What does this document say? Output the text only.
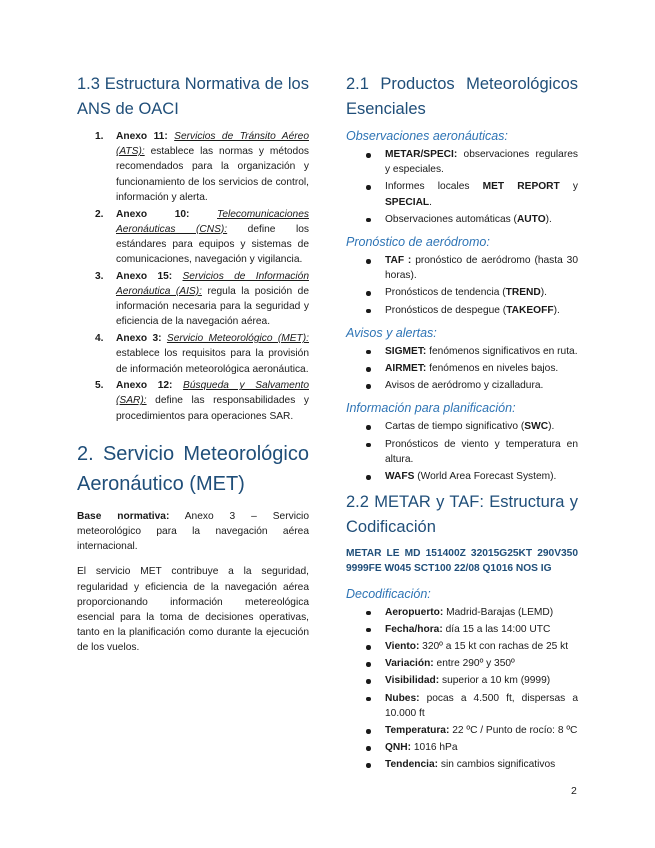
1.3 Estructura Normativa de los ANS de OACI
1. Anexo 11: Servicios de Tránsito Aéreo (ATS): establece las normas y métodos recomendados para la organización y funcionamiento de los servicios de control, información y alerta.
2. Anexo 10:	Telecomunicaciones Aeronáuticas (CNS): define los estándares para equipos y sistemas de comunicaciones, navegación y vigilancia.
3. Anexo 15: Servicios de Información Aeronáutica (AIS): regula la posición de información necesaria para la seguridad y eficiencia de la navegación aérea.
4. Anexo 3: Servicio Meteorológico (MET): establece los requisitos para la provisión de información meteorológica aeronáutica.
5. Anexo 12: Búsqueda y Salvamento (SAR): define las responsabilidades y procedimientos para operaciones SAR.
2. Servicio Meteorológico Aeronáutico (MET)

Base normativa: Anexo 3 – Servicio meteorológico para la navegación aérea internacional.

El servicio MET contribuye a la seguridad, regularidad y eficiencia de la navegación aérea proporcionando información metereológica esencial para la toma de decisiones operativas, tanto en la planificación como durante la ejecución de los vuelos.

2.1 Productos Meteorológicos Esenciales
Observaciones aeronáuticas:
METAR/SPECI: observaciones regulares y especiales.
Informes locales MET REPORT y SPECIAL.
Observaciones automáticas (AUTO).
Pronóstico de aeródromo:
TAF : pronóstico de aeródromo (hasta 30 horas).
Pronósticos de tendencia (TREND).
Pronósticos de despegue (TAKEOFF).
Avisos y alertas:
SIGMET: fenómenos significativos en ruta.
AIRMET: fenómenos en niveles bajos.
Avisos de aeródromo y cizalladura.
Información para planificación:
Cartas de tiempo significativo (SWC).
Pronósticos de viento y temperatura en altura.
WAFS (World Area Forecast System).
2.2 METAR y TAF: Estructura y Codificación

METAR LE MD 151400Z 32015G25KT 290V350 9999FE W045 SCT100 22/08 Q1016 NOS IG

Decodificación:
Aeropuerto: Madrid-Barajas (LEMD)
Fecha/hora: día 15 a las 14:00 UTC
Viento: 320º a 15 kt con rachas de 25 kt
Variación: entre 290º y 350º
Visibilidad: superior a 10 km (9999)
Nubes: pocas a 4.500 ft, dispersas a 10.000 ft
Temperatura: 22 ºC / Punto de rocío: 8 ºC
QNH: 1016 hPa
Tendencia: sin cambios significativos
2
